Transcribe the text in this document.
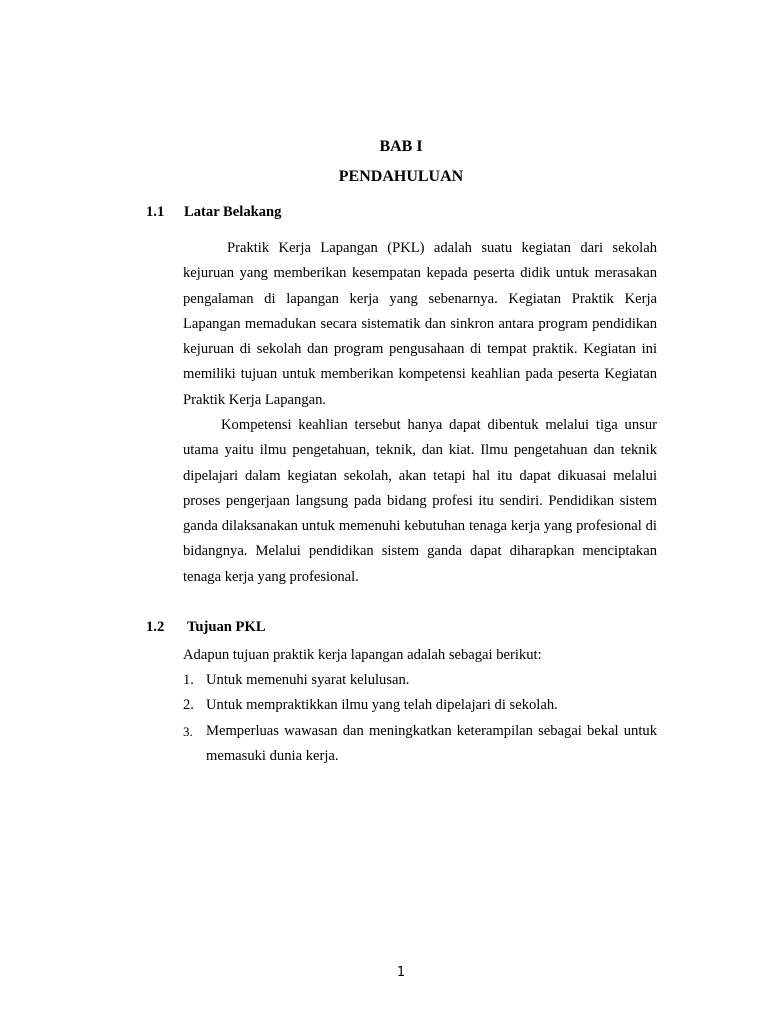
BAB I
PENDAHULUAN
1.1 Latar Belakang

Praktik Kerja Lapangan (PKL) adalah suatu kegiatan dari sekolah kejuruan yang memberikan kesempatan kepada peserta didik untuk merasakan pengalaman di lapangan kerja yang sebenarnya. Kegiatan Praktik Kerja Lapangan memadukan secara sistematik dan sinkron antara program pendidikan kejuruan di sekolah dan program pengusahaan di tempat praktik. Kegiatan ini memiliki tujuan untuk memberikan kompetensi keahlian pada peserta Kegiatan Praktik Kerja Lapangan.

Kompetensi keahlian tersebut hanya dapat dibentuk melalui tiga unsur utama yaitu ilmu pengetahuan, teknik, dan kiat. Ilmu pengetahuan dan teknik dipelajari dalam kegiatan sekolah, akan tetapi hal itu dapat dikuasai melalui proses pengerjaan langsung pada bidang profesi itu sendiri. Pendidikan sistem ganda dilaksanakan untuk memenuhi kebutuhan tenaga kerja yang profesional di bidangnya. Melalui pendidikan sistem ganda dapat diharapkan menciptakan tenaga kerja yang profesional.

1.2 Tujuan PKL

Adapun tujuan praktik kerja lapangan adalah sebagai berikut:

1. Untuk memenuhi syarat kelulusan.
2. Untuk mempraktikkan ilmu yang telah dipelajari di sekolah.
3. Memperluas wawasan dan meningkatkan keterampilan sebagai bekal untuk memasuki dunia kerja.

1
